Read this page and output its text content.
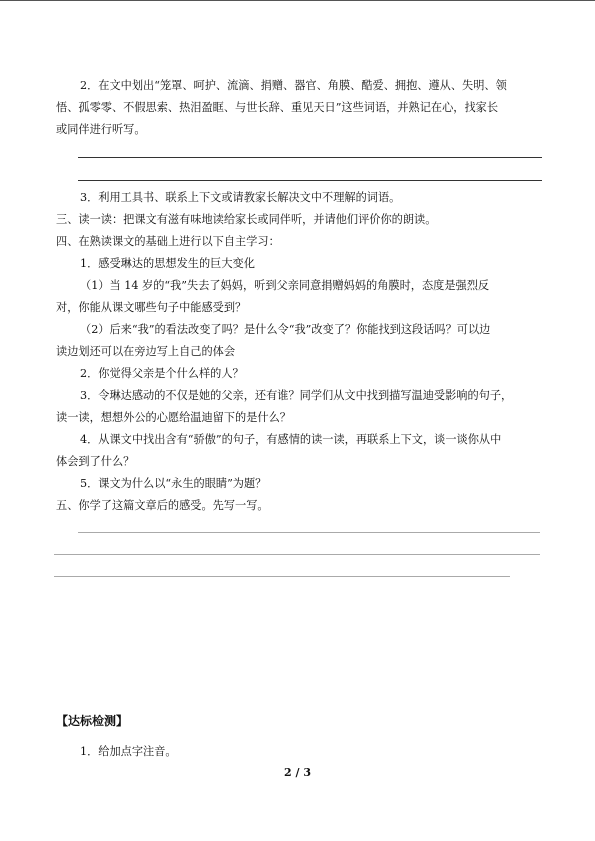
2．在文中划出“笼罩、呵护、流滴、捐赠、器官、角膜、酷爱、拥抱、遵从、失明、领
悟、孤零零、不假思索、热泪盈眶、与世长辞、重见天日”这些词语，并熟记在心，找家长
或同伴进行听写。
3．利用工具书、联系上下文或请教家长解决文中不理解的词语。
三、读一读：把课文有滋有味地读给家长或同伴听，并请他们评价你的朗读。
四、在熟读课文的基础上进行以下自主学习：
1．感受琳达的思想发生的巨大变化
（1）当 14 岁的“我”失去了妈妈，听到父亲同意捐赠妈妈的角膜时，态度是强烈反
对，你能从课文哪些句子中能感受到？
（2）后来“我”的看法改变了吗？是什么令“我”改变了？你能找到这段话吗？可以边
读边划还可以在旁边写上自己的体会
2．你觉得父亲是个什么样的人？
3．令琳达感动的不仅是她的父亲，还有谁？同学们从文中找到描写温迪受影响的句子，
读一读，想想外公的心愿给温迪留下的是什么？
4．从课文中找出含有“骄傲”的句子，有感情的读一读，再联系上下文，谈一谈你从中
体会到了什么？
5．课文为什么以“永生的眼睛”为题？
五、你学了这篇文章后的感受。先写一写。
【达标检测】
1．给加点字注音。
2 / 3
